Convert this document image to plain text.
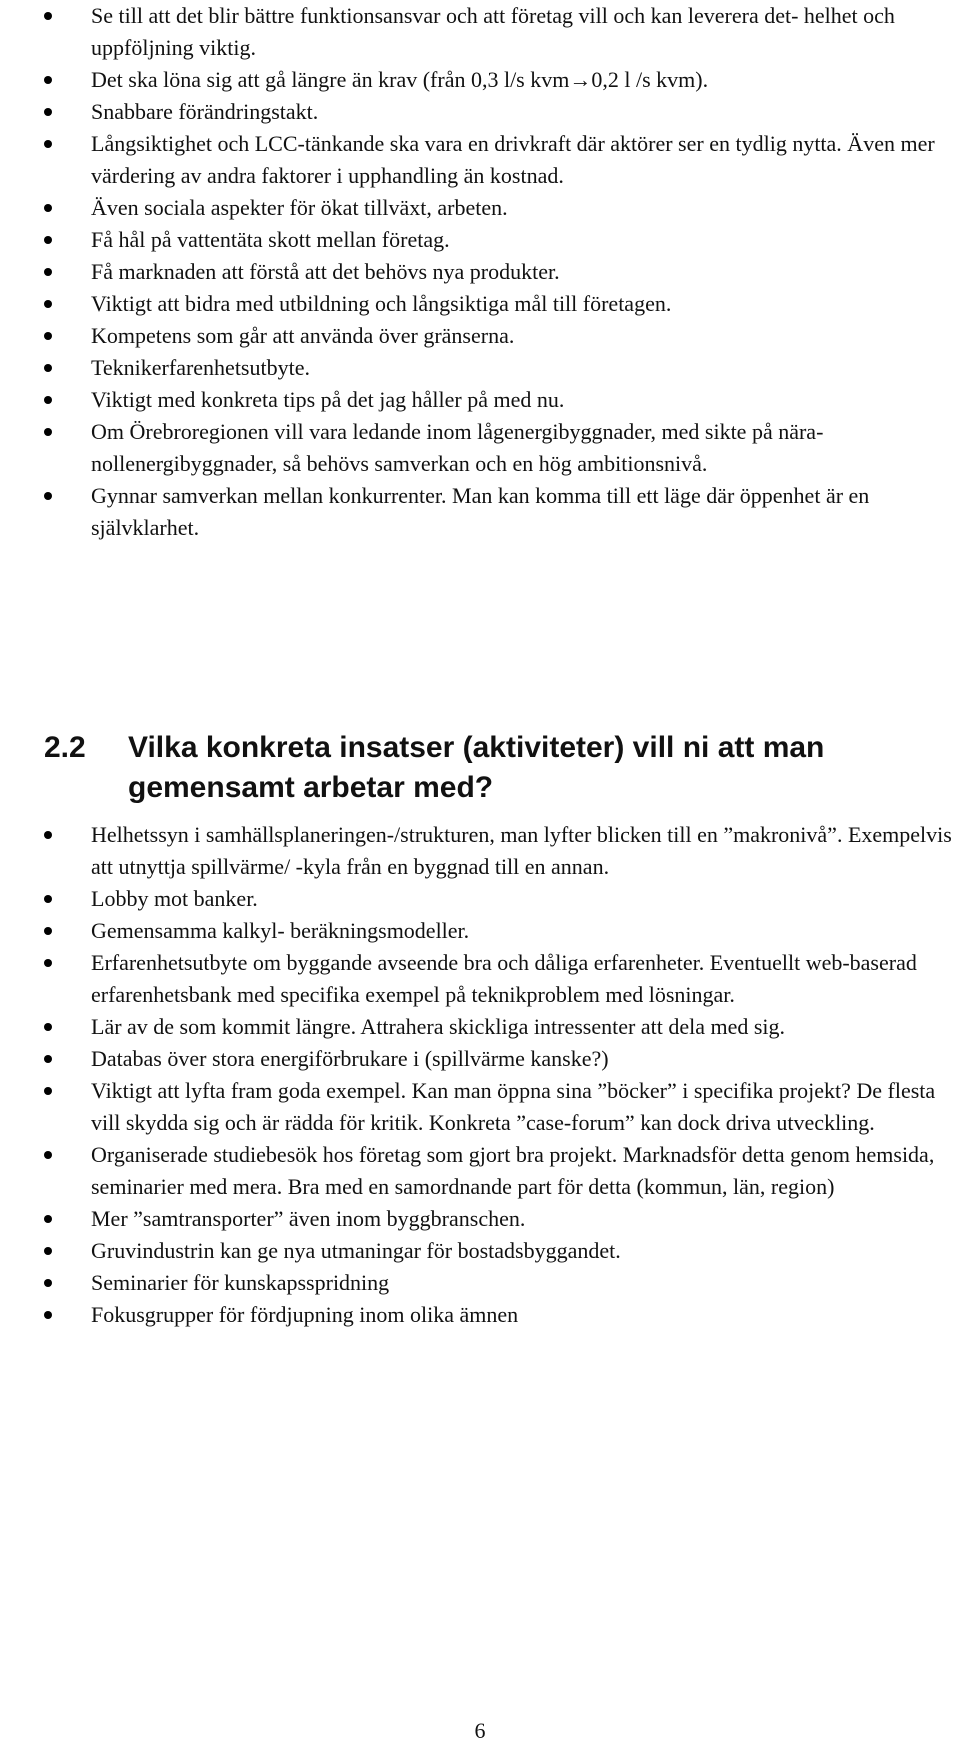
Se till att det blir bättre funktionsansvar och att företag vill och kan leverera det- helhet och uppföljning viktig.
Det ska löna sig att gå längre än krav (från 0,3 l/s kvm→0,2 l /s kvm).
Snabbare förändringstakt.
Långsiktighet och LCC-tänkande ska vara en drivkraft där aktörer ser en tydlig nytta. Även mer värdering av andra faktorer i upphandling än kostnad.
Även sociala aspekter för ökat tillväxt, arbeten.
Få hål på vattentäta skott mellan företag.
Få marknaden att förstå att det behövs nya produkter.
Viktigt att bidra med utbildning och långsiktiga mål till företagen.
Kompetens som går att använda över gränserna.
Teknikerfarenhetsutbyte.
Viktigt med konkreta tips på det jag håller på med nu.
Om Örebroregionen vill vara ledande inom lågenergibyggnader, med sikte på nära-nollenergibyggnader, så behövs samverkan och en hög ambitionsnivå.
Gynnar samverkan mellan konkurrenter. Man kan komma till ett läge där öppenhet är en självklarhet.
2.2 Vilka konkreta insatser (aktiviteter) vill ni att man gemensamt arbetar med?
Helhetssyn i samhällsplaneringen-/strukturen, man lyfter blicken till en ”makronivå”. Exempelvis att utnyttja spillvärme/ -kyla från en byggnad till en annan.
Lobby mot banker.
Gemensamma kalkyl- beräkningsmodeller.
Erfarenhetsutbyte om byggande avseende bra och dåliga erfarenheter. Eventuellt web-baserad erfarenhetsbank med specifika exempel på teknikproblem med lösningar.
Lär av de som kommit längre. Attrahera skickliga intressenter att dela med sig.
Databas över stora energiförbrukare i (spillvärme kanske?)
Viktigt att lyfta fram goda exempel. Kan man öppna sina ”böcker” i specifika projekt? De flesta vill skydda sig och är rädda för kritik. Konkreta ”case-forum” kan dock driva utveckling.
Organiserade studiebesök hos företag som gjort bra projekt. Marknadsför detta genom hemsida, seminarier med mera. Bra med en samordnande part för detta (kommun, län, region)
Mer ”samtransporter” även inom byggbranschen.
Gruvindustrin kan ge nya utmaningar för bostadsbyggandet.
Seminarier för kunskapsspridning
Fokusgrupper för fördjupning inom olika ämnen
6
